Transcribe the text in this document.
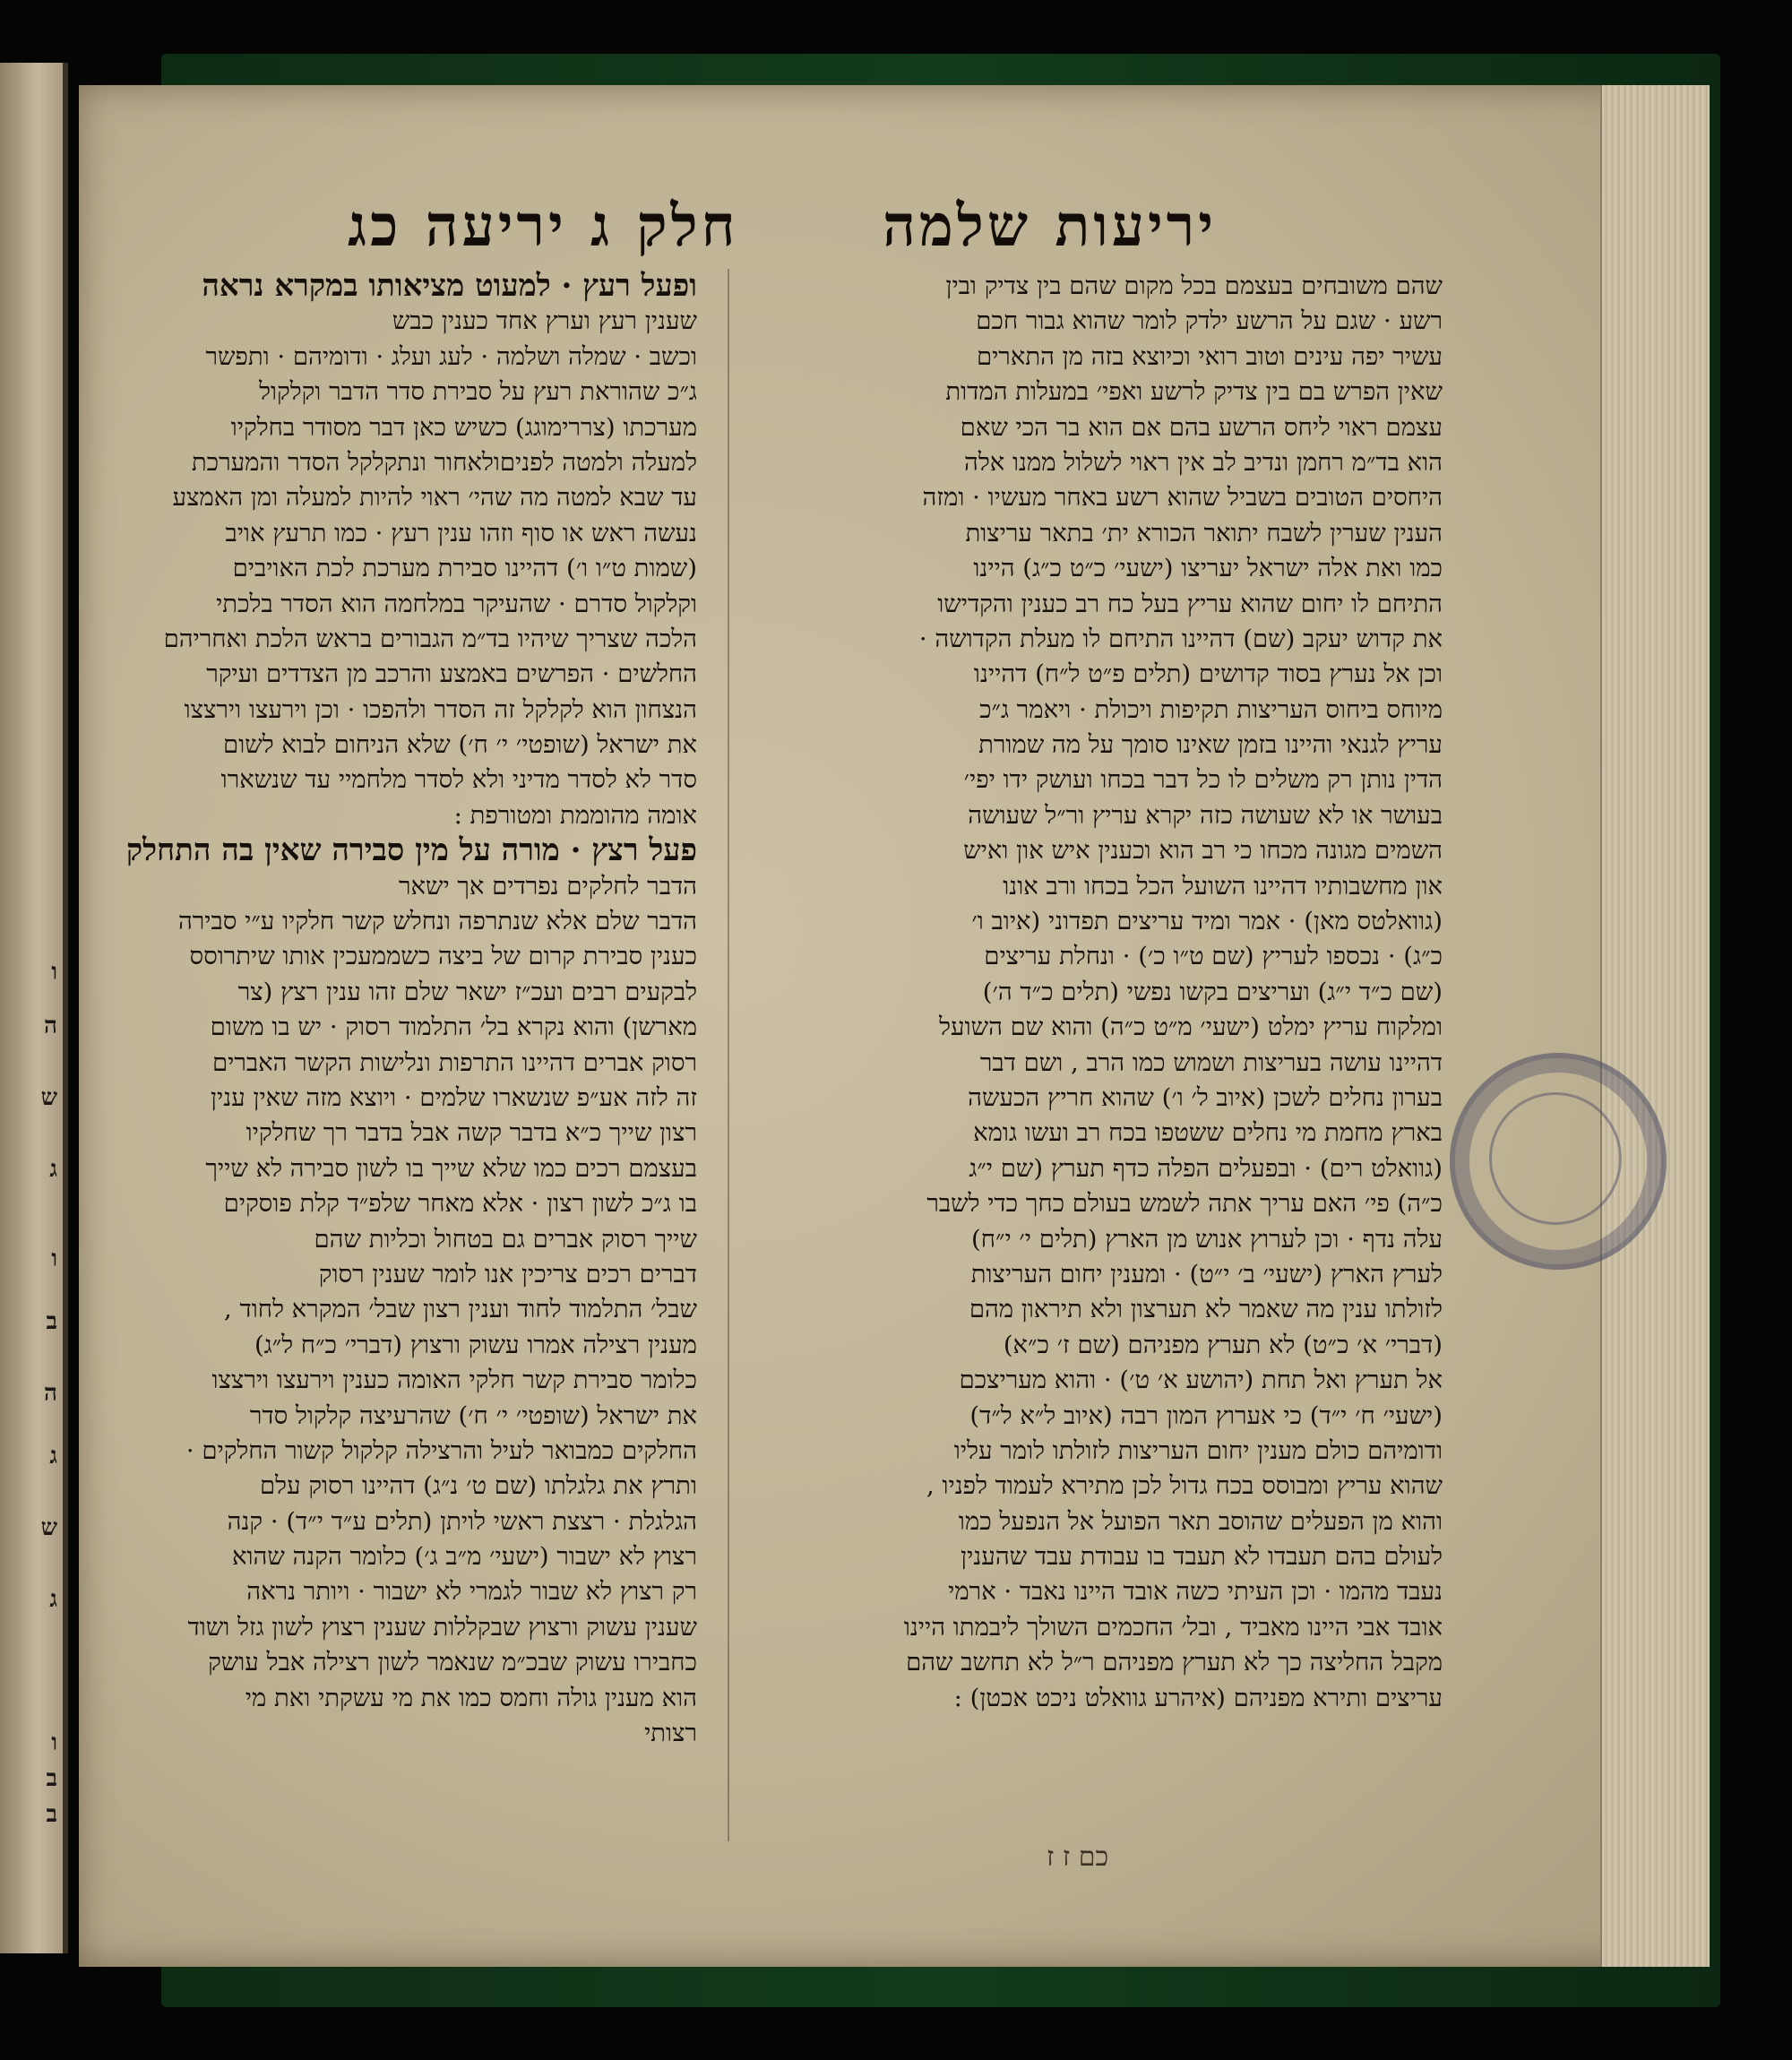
ו
ה
ש
ג
ו
ב
ה
ג
ש
ג
ו
ב
ב
יריעות שלמה
חלק ג יריעה כג
שהם משובחים בעצמם בכל מקום שהם בין צדיק ובין
רשע · שגם על הרשע ילדק לומר שהוא גבור חכם
עשיר יפה עינים וטוב רואי וכיוצא בזה מן התארים
שאין הפרש בם בין צדיק לרשע ואפי׳ במעלות המדות
עצמם ראוי ליחס הרשע בהם אם הוא בר הכי שאם
הוא בד״מ רחמן ונדיב לב אין ראוי לשלול ממנו אלה
היחסים הטובים בשביל שהוא רשע באחר מעשיו · ומזה
הענין שערין לשבח יתואר הכורא ית׳ בתאר עריצות
כמו ואת אלה ישראל יעריצו (ישעי׳ כ״ט כ״ג) היינו
התיחם לו יחום שהוא עריץ בעל כח רב כענין והקדישו
את קדוש יעקב (שם) דהיינו התיחם לו מעלת הקדושה ·
וכן אל נערץ בסוד קדושים (תלים פ״ט ל״ח) דהיינו
מיוחס ביחוס העריצות תקיפות ויכולת · ויאמר ג״כ
עריץ לגנאי והיינו בזמן שאינו סומך על מה שמורת
הדין נותן רק משלים לו כל דבר בכחו ועושק ידו יפי׳
בעושר או לא שעושה כזה יקרא עריץ ור״ל שעושה
השמים מגונה מכחו כי רב הוא וכענין איש און ואיש
און מחשבותיו דהיינו השועל הכל בכחו ורב אונו
(גוואלטס מאן) · אמר ומיד עריצים תפדוני (איוב ו׳
כ״ג) · נכספו לעריץ (שם ט״ו כ׳) · ונחלת עריצים
(שם כ״ד י״ג) ועריצים בקשו נפשי (תלים כ״ד ה׳)
ומלקוח עריץ ימלט (ישעי׳ מ״ט כ״ה) והוא שם השועל
דהיינו עושה בעריצות ושמוש כמו הרב , ושם דבר
בערון נחלים לשכן (איוב ל׳ ו׳) שהוא חריץ הכעשה
בארץ מחמת מי נחלים ששטפו בכח רב ועשו גומא
(גוואלט רים) · ובפעלים הפלה כדף תערץ (שם י״ג
כ״ה) פי׳ האם עריך אתה לשמש בעולם כחך כדי לשבר
עלה נדף · וכן לערוץ אנוש מן הארץ (תלים י׳ י״ח)
לערץ הארץ (ישעי׳ ב׳ י״ט) · ומענין יחום העריצות
לזולתו ענין מה שאמר לא תערצון ולא תיראון מהם
(דברי׳ א׳ כ״ט) לא תערץ מפניהם (שם ז׳ כ״א)
אל תערץ ואל תחת (יהושע א׳ ט׳) · והוא מעריצכם
(ישעי׳ ח׳ י״ד) כי אערוץ המון רבה (איוב ל״א ל״ד)
ודומיהם כולם מענין יחום העריצות לזולתו לומר עליו
שהוא עריץ ומבוסס בכח גדול לכן מתירא לעמוד לפניו ,
והוא מן הפעלים שהוסב תאר הפועל אל הנפעל כמו
לעולם בהם תעבדו לא תעבד בו עבודת עבד שהענין
נעבד מהמו · וכן העיתי כשה אובד היינו נאבד · ארמי
אובד אבי היינו מאביד , ובל׳ החכמים השולך ליבמתו היינו
מקבל החליצה כך לא תערץ מפניהם ר״ל לא תחשב שהם
עריצים ותירא מפניהם (איהרע גוואלט ניכט אכטן) :
ופעל רעץ · למעוט מציאותו במקרא נראה
שענין רעץ וערץ אחד כענין כבש
וכשב · שמלה ושלמה · לעג ועלג · ודומיהם · ותפשר
ג״כ שהוראת רעץ על סבירת סדר הדבר וקלקול
מערכתו (צררימוגג) כשיש כאן דבר מסודר בחלקיו
למעלה ולמטה לפניםולאחור ונתקלקל הסדר והמערכת
עד שבא למטה מה שהי׳ ראוי להיות למעלה ומן האמצע
נעשה ראש או סוף וזהו ענין רעץ · כמו תרעץ אויב
(שמות ט״ו ו׳) דהיינו סבירת מערכת לכת האויבים
וקלקול סדרם · שהעיקר במלחמה הוא הסדר בלכתי
הלכה שצריך שיהיו בד״מ הגבורים בראש הלכת ואחריהם
החלשים · הפרשים באמצע והרכב מן הצדדים ועיקר
הנצחון הוא לקלקל זה הסדר ולהפכו · וכן וירעצו וירצצו
את ישראל (שופטי׳ י׳ ח׳) שלא הניחום לבוא לשום
סדר לא לסדר מדיני ולא לסדר מלחמיי עד שנשארו
אומה מהוממת ומטורפת :
פעל רצץ · מורה על מין סבירה שאין בה התחלק
הדבר לחלקים נפרדים אך ישאר
הדבר שלם אלא שנתרפה ונחלש קשר חלקיו ע״י סבירה
כענין סבירת קרום של ביצה כשממעכין אותו שיתרוסס
לבקעים רבים ועכ״ז ישאר שלם זהו ענין רצץ (צר
מארשן) והוא נקרא בל׳ התלמוד רסוק · יש בו משום
רסוק אברים דהיינו התרפות ונלישות הקשר האברים
זה לזה אע״פ שנשארו שלמים · ויוצא מזה שאין ענין
רצון שייך כ״א בדבר קשה אבל בדבר רך שחלקיו
בעצמם רכים כמו שלא שייך בו לשון סבירה לא שייך
בו ג״כ לשון רצון · אלא מאחר שלפ״ד קלת פוסקים
שייך רסוק אברים גם בטחול וכליות שהם
דברים רכים צריכין אנו לומר שענין רסוק
שבל׳ התלמוד לחוד וענין רצון שבל׳ המקרא לחוד ,
מענין רצילה אמרו עשוק ורצוץ (דברי׳ כ״ח ל״ג)
כלומר סבירת קשר חלקי האומה כענין וירעצו וירצצו
את ישראל (שופטי׳ י׳ ח׳) שהרעיצה קלקול סדר
החלקים כמבואר לעיל והרצילה קלקול קשור החלקים ·
ותרץ את גלגלתו (שם ט׳ נ״ג) דהיינו רסוק עלם
הגלגלת · רצצת ראשי לויתן (תלים ע״ד י״ד) · קנה
רצוץ לא ישבור (ישעי׳ מ״ב ג׳) כלומר הקנה שהוא
רק רצוץ לא שבור לגמרי לא ישבור · ויותר נראה
שענין עשוק ורצוץ שבקללות שענין רצוץ לשון גזל ושוד
כחבירו עשוק שבכ״מ שנאמר לשון רצילה אבל עושק
הוא מענין גולה וחמס כמו את מי עשקתי ואת מי
רצותי
כם ז ז
